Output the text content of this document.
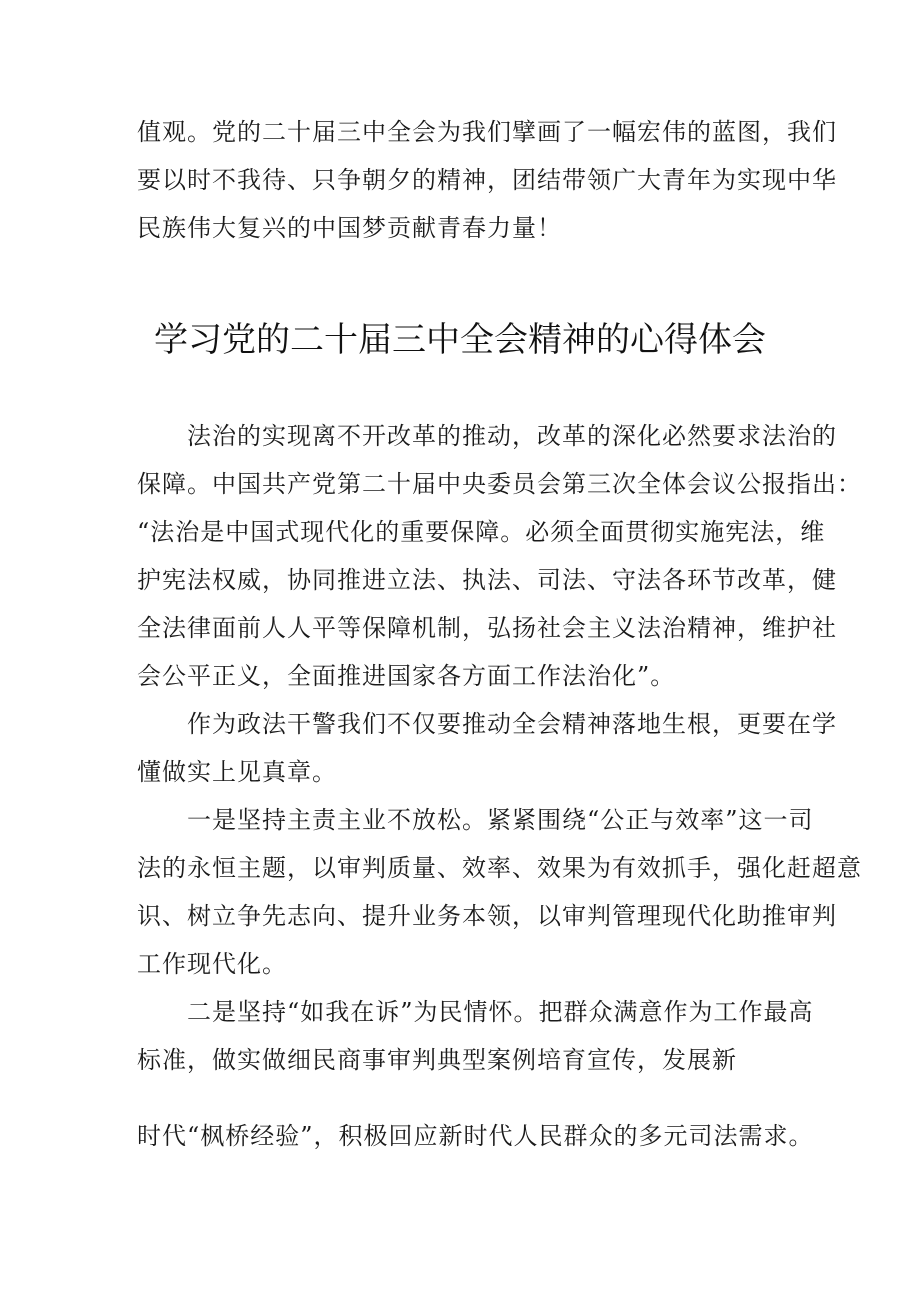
值观。党的二十届三中全会为我们擘画了一幅宏伟的蓝图，我们
要以时不我待、只争朝夕的精神，团结带领广大青年为实现中华
民族伟大复兴的中国梦贡献青春力量！
学习党的二十届三中全会精神的心得体会
　　法治的实现离不开改革的推动，改革的深化必然要求法治的
保障。中国共产党第二十届中央委员会第三次全体会议公报指出：
“法治是中国式现代化的重要保障。必须全面贯彻实施宪法，维
护宪法权威，协同推进立法、执法、司法、守法各环节改革，健
全法律面前人人平等保障机制，弘扬社会主义法治精神，维护社
会公平正义，全面推进国家各方面工作法治化”。
　　作为政法干警我们不仅要推动全会精神落地生根，更要在学
懂做实上见真章。
　　一是坚持主责主业不放松。紧紧围绕“公正与效率”这一司
法的永恒主题，以审判质量、效率、效果为有效抓手，强化赶超意
识、树立争先志向、提升业务本领，以审判管理现代化助推审判
工作现代化。
　　二是坚持“如我在诉”为民情怀。把群众满意作为工作最高
标准，做实做细民商事审判典型案例培育宣传，发展新
时代“枫桥经验”，积极回应新时代人民群众的多元司法需求。
